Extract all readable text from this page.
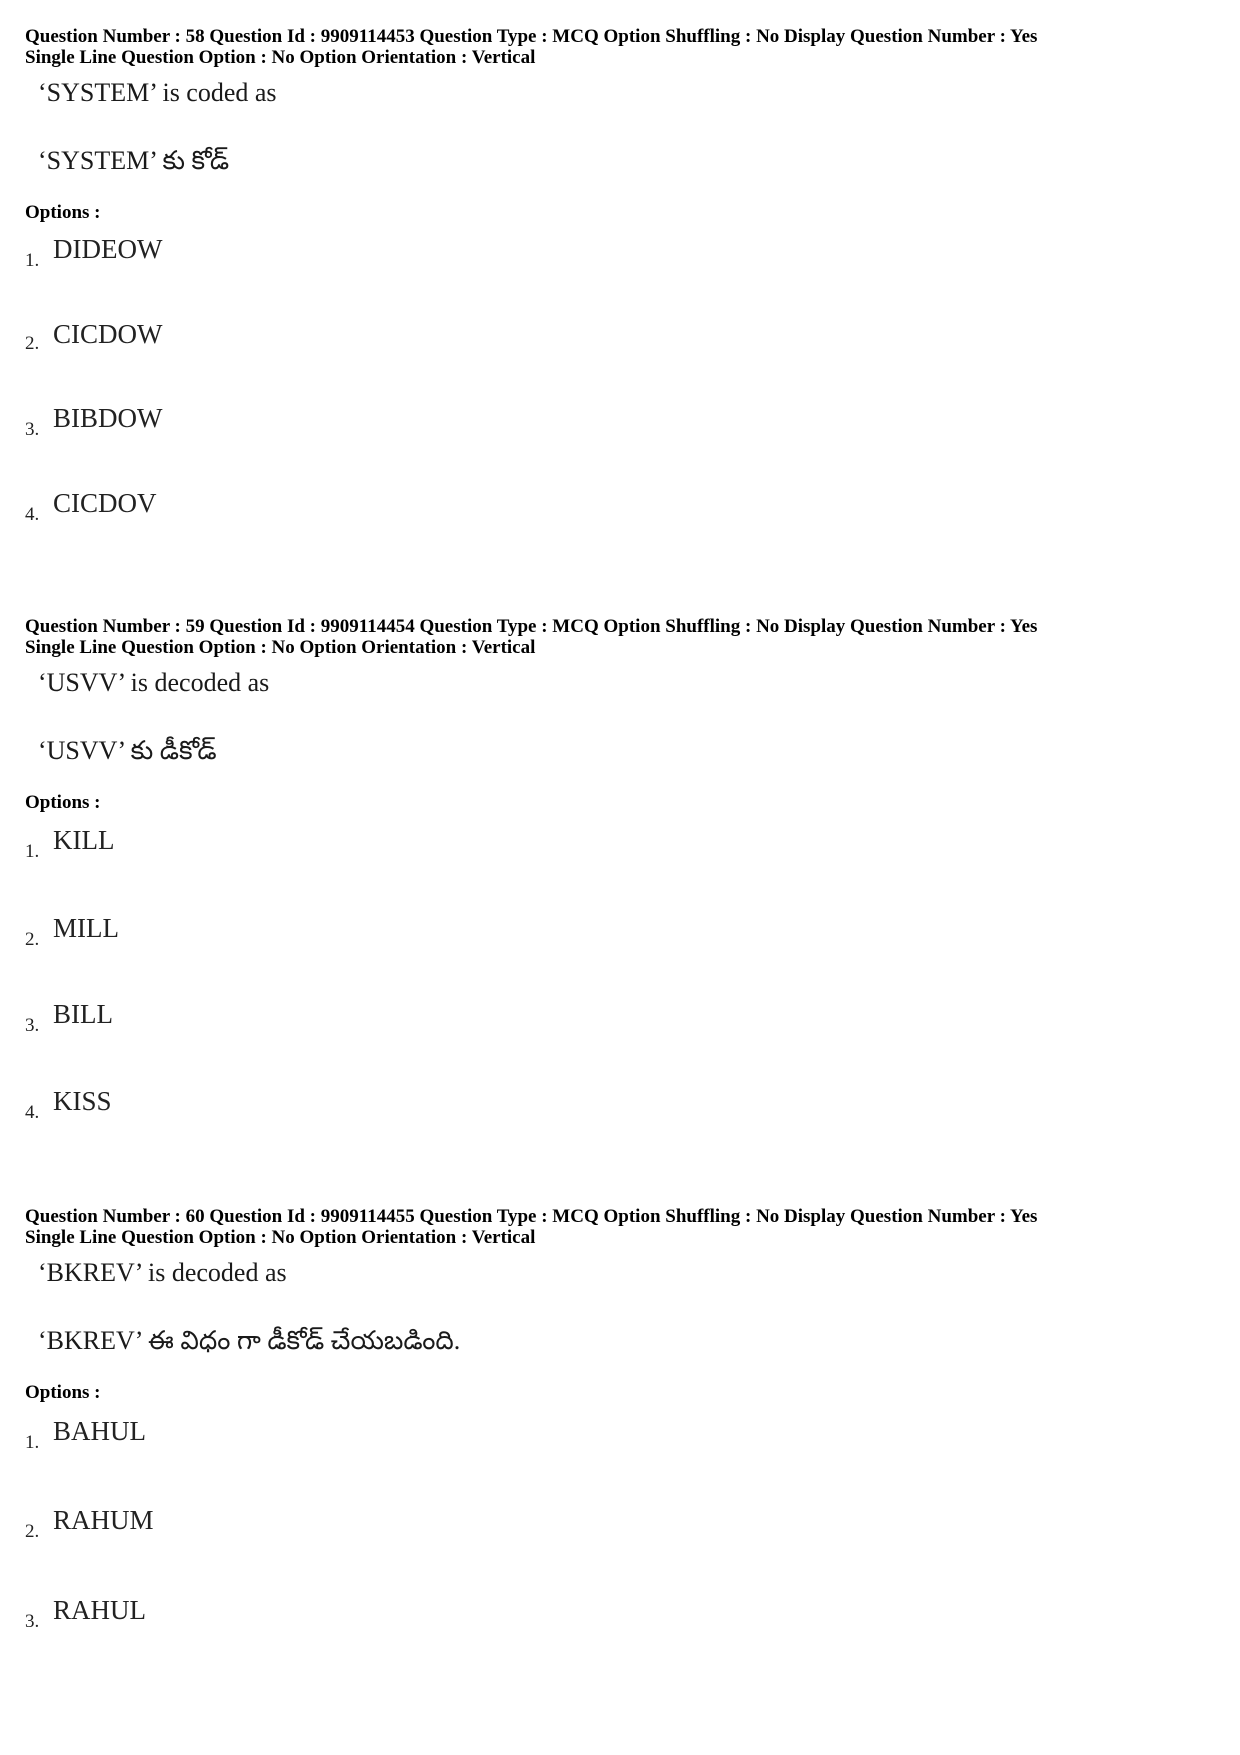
Question Number : 58 Question Id : 9909114453 Question Type : MCQ Option Shuffling : No Display Question Number : Yes
Single Line Question Option : No Option Orientation : Vertical
‘SYSTEM’ is coded as
‘SYSTEM’ కు కోడ్
Options :
1. DIDEOW
2. CICDOW
3. BIBDOW
4. CICDOV
Question Number : 59 Question Id : 9909114454 Question Type : MCQ Option Shuffling : No Display Question Number : Yes
Single Line Question Option : No Option Orientation : Vertical
‘USVV’ is decoded as
‘USVV’ కు డీకోడ్
Options :
1. KILL
2. MILL
3. BILL
4. KISS
Question Number : 60 Question Id : 9909114455 Question Type : MCQ Option Shuffling : No Display Question Number : Yes
Single Line Question Option : No Option Orientation : Vertical
‘BKREV’ is decoded as
‘BKREV’ ఈ విధం గా డీకోడ్ చేయబడింది.
Options :
1. BAHUL
2. RAHUM
3. RAHUL
